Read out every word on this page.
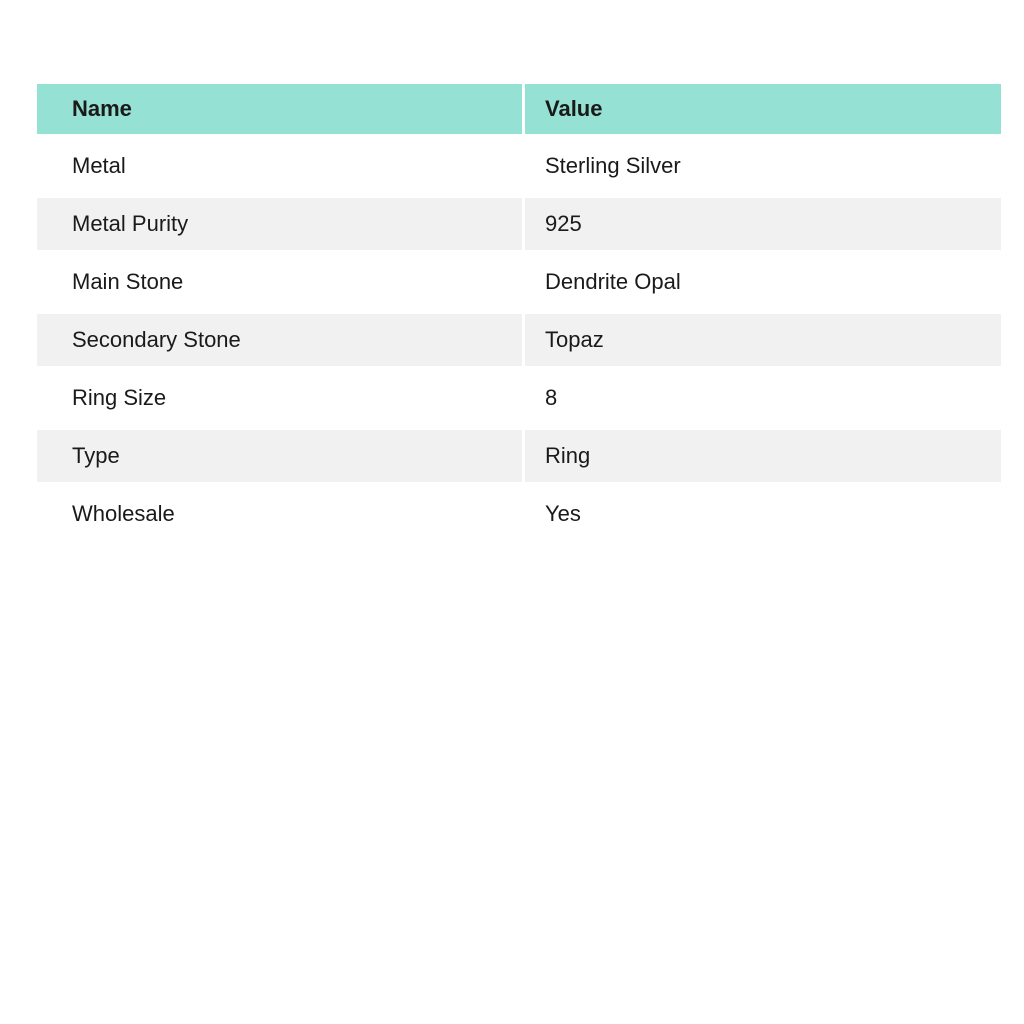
Name	Value
Metal	Sterling Silver
Metal Purity	925
Main Stone	Dendrite Opal
Secondary Stone	Topaz
Ring Size	8
Type	Ring
Wholesale	Yes
